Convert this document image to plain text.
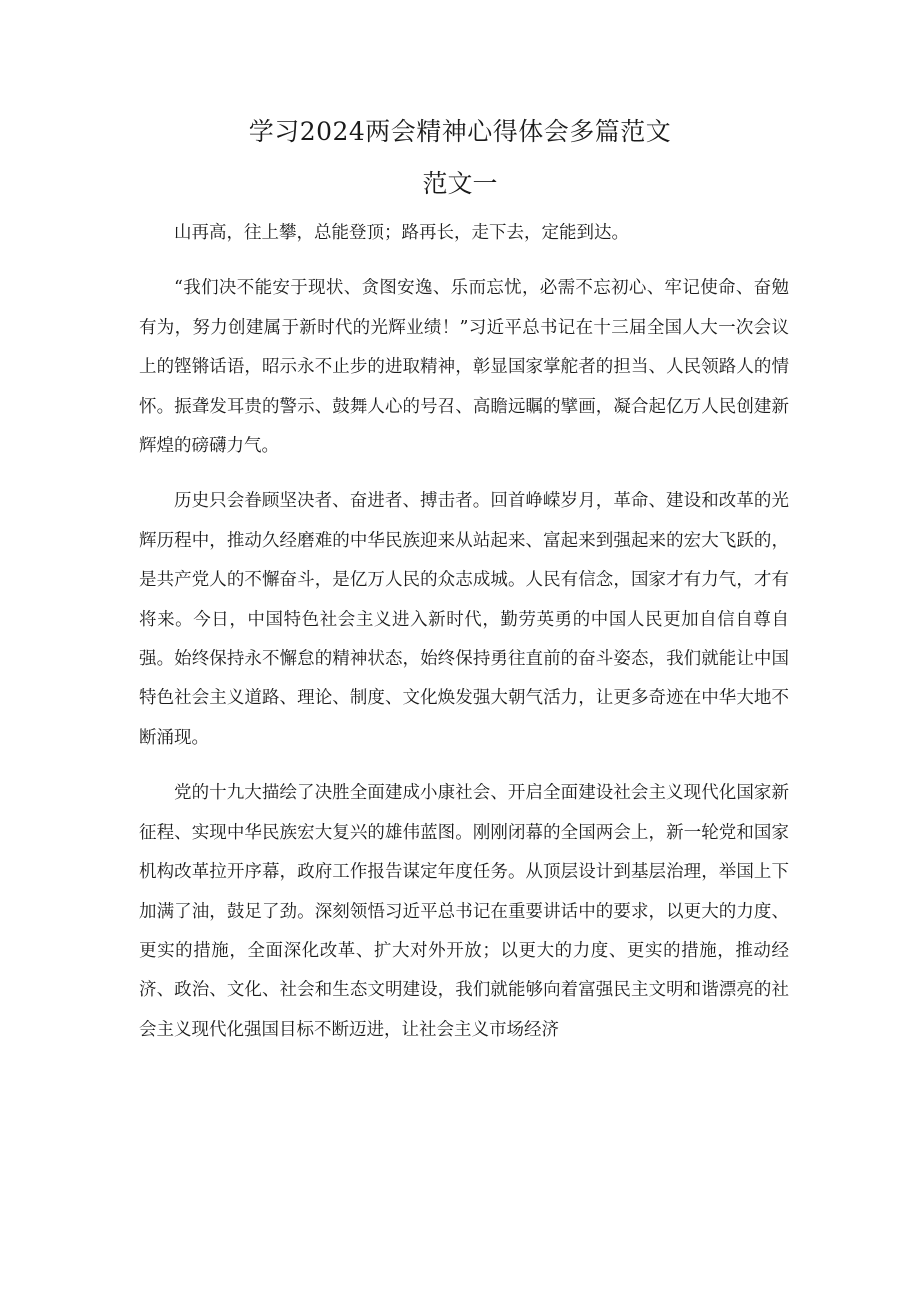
学习2024两会精神心得体会多篇范文
范文一

山再高，往上攀，总能登顶；路再长，走下去，定能到达。

“我们决不能安于现状、贪图安逸、乐而忘忧，必需不忘初心、牢记使命、奋勉有为，努力创建属于新时代的光辉业绩！”习近平总书记在十三届全国人大一次会议上的铿锵话语，昭示永不止步的进取精神，彰显国家掌舵者的担当、人民领路人的情怀。振聋发耳贵的警示、鼓舞人心的号召、高瞻远瞩的擘画，凝合起亿万人民创建新辉煌的磅礴力气。

历史只会眷顾坚决者、奋进者、搏击者。回首峥嵘岁月，革命、建设和改革的光辉历程中，推动久经磨难的中华民族迎来从站起来、富起来到强起来的宏大飞跃的，是共产党人的不懈奋斗，是亿万人民的众志成城。人民有信念，国家才有力气，才有将来。今日，中国特色社会主义进入新时代，勤劳英勇的中国人民更加自信自尊自强。始终保持永不懈怠的精神状态，始终保持勇往直前的奋斗姿态，我们就能让中国特色社会主义道路、理论、制度、文化焕发强大朝气活力，让更多奇迹在中华大地不断涌现。

党的十九大描绘了决胜全面建成小康社会、开启全面建设社会主义现代化国家新征程、实现中华民族宏大复兴的雄伟蓝图。刚刚闭幕的全国两会上，新一轮党和国家机构改革拉开序幕，政府工作报告谋定年度任务。从顶层设计到基层治理，举国上下加满了油，鼓足了劲。深刻领悟习近平总书记在重要讲话中的要求，以更大的力度、更实的措施，全面深化改革、扩大对外开放；以更大的力度、更实的措施，推动经济、政治、文化、社会和生态文明建设，我们就能够向着富强民主文明和谐漂亮的社会主义现代化强国目标不断迈进，让社会主义市场经济
